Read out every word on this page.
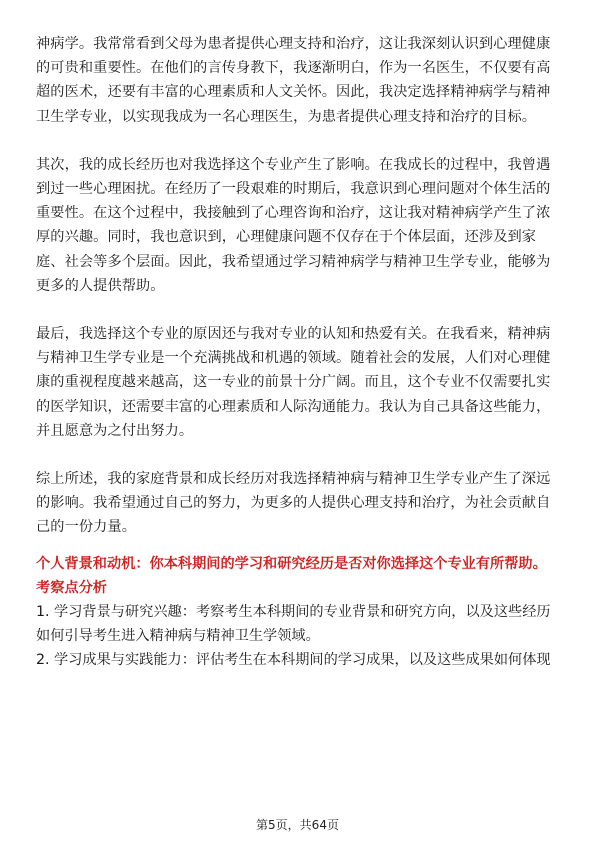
神病学。我常常看到父母为患者提供心理支持和治疗，这让我深刻认识到心理健康的可贵和重要性。在他们的言传身教下，我逐渐明白，作为一名医生，不仅要有高超的医术，还要有丰富的心理素质和人文关怀。因此，我决定选择精神病学与精神卫生学专业，以实现我成为一名心理医生，为患者提供心理支持和治疗的目标。

其次，我的成长经历也对我选择这个专业产生了影响。在我成长的过程中，我曾遇到过一些心理困扰。在经历了一段艰难的时期后，我意识到心理问题对个体生活的重要性。在这个过程中，我接触到了心理咨询和治疗，这让我对精神病学产生了浓厚的兴趣。同时，我也意识到，心理健康问题不仅存在于个体层面，还涉及到家庭、社会等多个层面。因此，我希望通过学习精神病学与精神卫生学专业，能够为更多的人提供帮助。

最后，我选择这个专业的原因还与我对专业的认知和热爱有关。在我看来，精神病与精神卫生学专业是一个充满挑战和机遇的领域。随着社会的发展，人们对心理健康的重视程度越来越高，这一专业的前景十分广阔。而且，这个专业不仅需要扎实的医学知识，还需要丰富的心理素质和人际沟通能力。我认为自己具备这些能力，并且愿意为之付出努力。

综上所述，我的家庭背景和成长经历对我选择精神病与精神卫生学专业产生了深远的影响。我希望通过自己的努力，为更多的人提供心理支持和治疗，为社会贡献自己的一份力量。

个人背景和动机：你本科期间的学习和研究经历是否对你选择这个专业有所帮助。

考察点分析

1. 学习背景与研究兴趣：考察考生本科期间的专业背景和研究方向，以及这些经历如何引导考生进入精神病与精神卫生学领域。

2. 学习成果与实践能力：评估考生在本科期间的学习成果，以及这些成果如何体现

第5页，共64页
